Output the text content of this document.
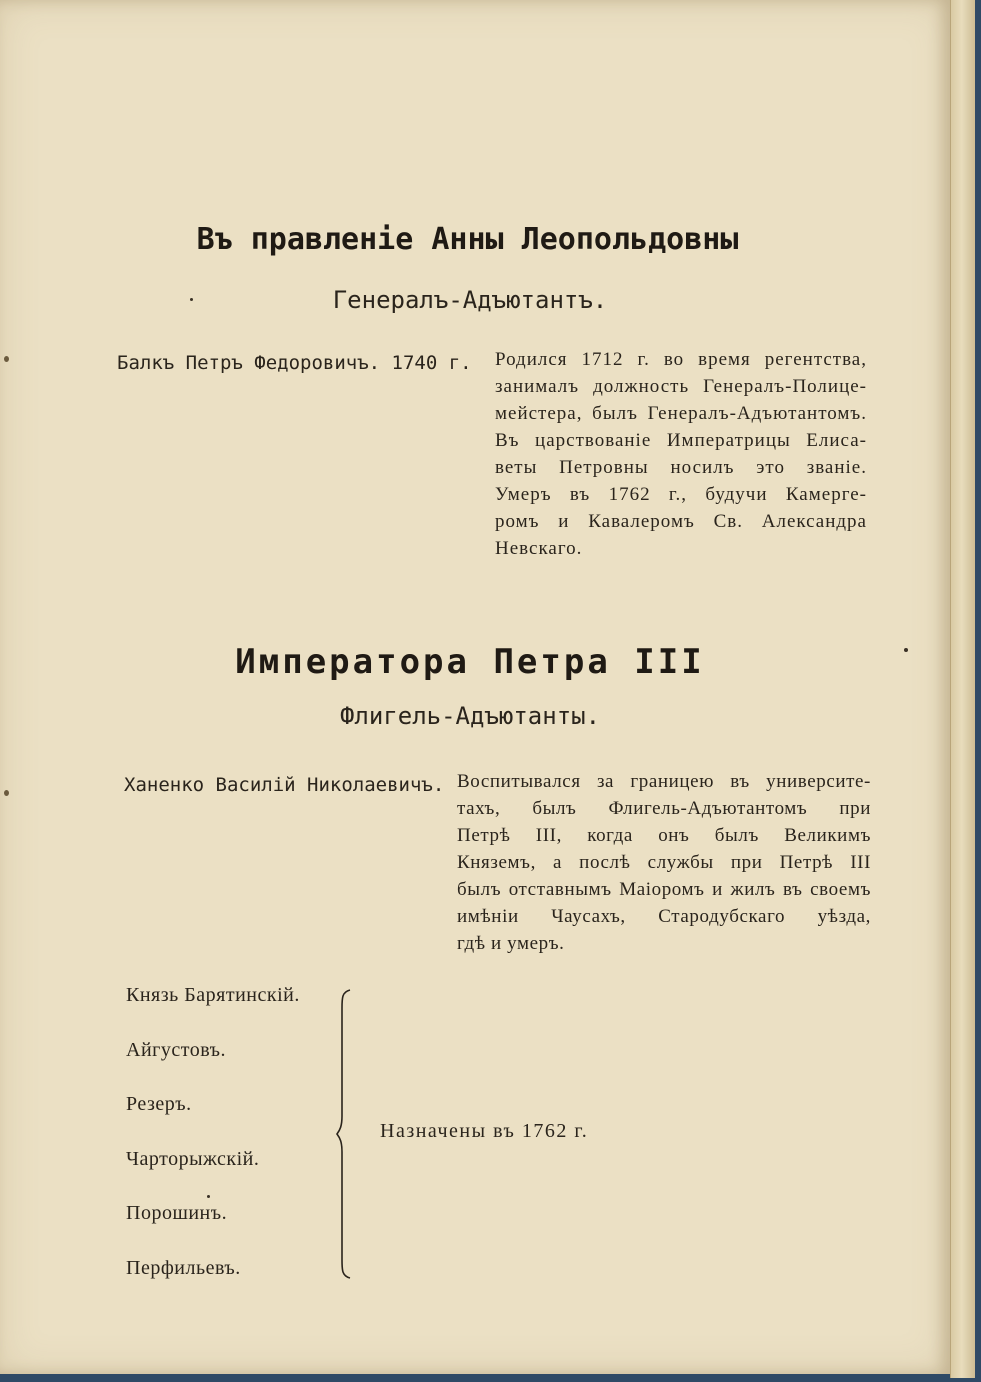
Въ правленіе Анны Леопольдовны
Генералъ-Адъютантъ.
Балкъ Петръ Федоровичъ. 1740 г. Родился 1712 г. во время регентства,
занималъ должность Генералъ-Полице-
мейстера, былъ Генералъ-Адъютантомъ.
Въ царствованіе Императрицы Елиса-
веты Петровны носилъ это званіе.
Умеръ въ 1762 г., будучи Камерге-
ромъ и Кавалеромъ Св. Александра
Невскаго.
Императора Петра III
Флигель-Адъютанты.
Ханенко Василій Николаевичъ. Воспитывался за границею въ университе-
тахъ, былъ Флигель-Адъютантомъ при
Петрѣ III, когда онъ былъ Великимъ
Княземъ, а послѣ службы при Петрѣ III
былъ отставнымъ Маіоромъ и жилъ въ своемъ
имѣніи Чаусахъ, Стародубскаго уѣзда,
гдѣ и умеръ.
Князь Барятинскій.
Айгустовъ.
Резеръ.
Чарторыжскій.
Порошинъ.
Перфильевъ.
Назначены въ 1762 г.
